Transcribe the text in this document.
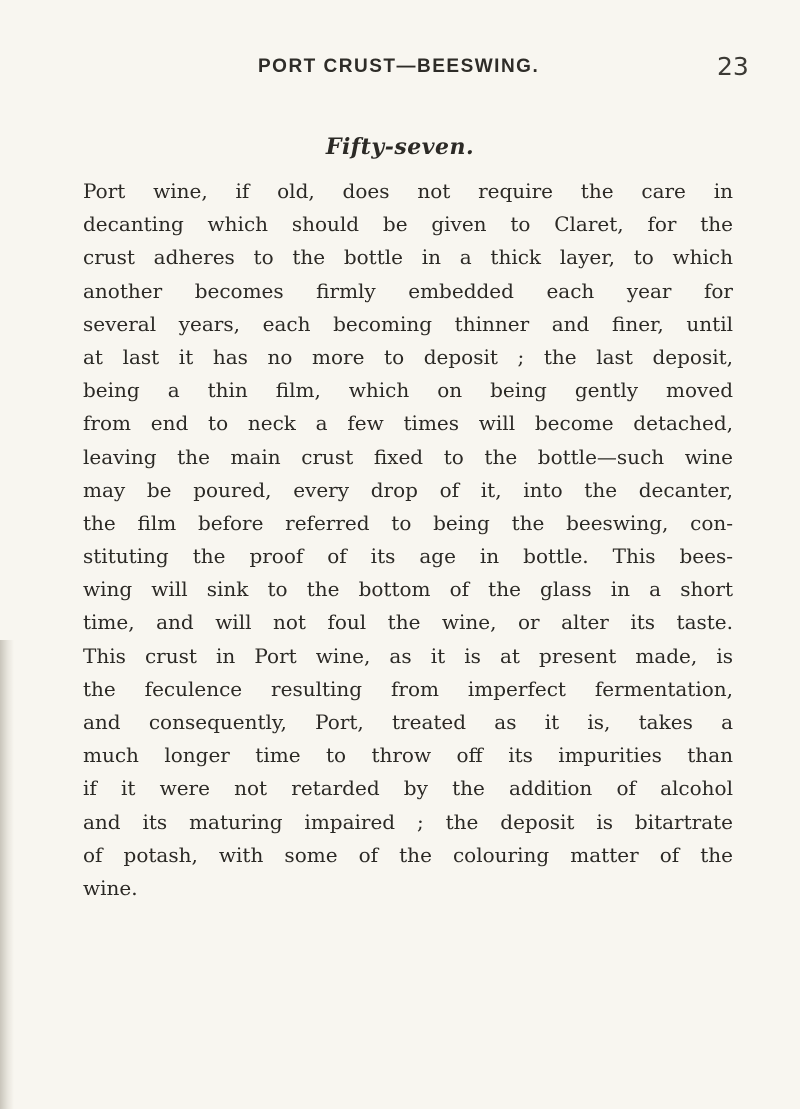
PORT CRUST—BEESWING.	23
Fifty-seven.
Port wine, if old, does not require the care in
decanting which should be given to Claret, for the
crust adheres to the bottle in a thick layer, to which
another becomes firmly embedded each year for
several years, each becoming thinner and finer, until
at last it has no more to deposit ; the last deposit,
being a thin film, which on being gently moved
from end to neck a few times will become detached,
leaving the main crust fixed to the bottle—such wine
may be poured, every drop of it, into the decanter,
the film before referred to being the beeswing, con-
stituting the proof of its age in bottle. This bees-
wing will sink to the bottom of the glass in a short
time, and will not foul the wine, or alter its taste.
This crust in Port wine, as it is at present made, is
the feculence resulting from imperfect fermentation,
and consequently, Port, treated as it is, takes a
much longer time to throw off its impurities than
if it were not retarded by the addition of alcohol
and its maturing impaired ; the deposit is bitartrate
of potash, with some of the colouring matter of the
wine.
